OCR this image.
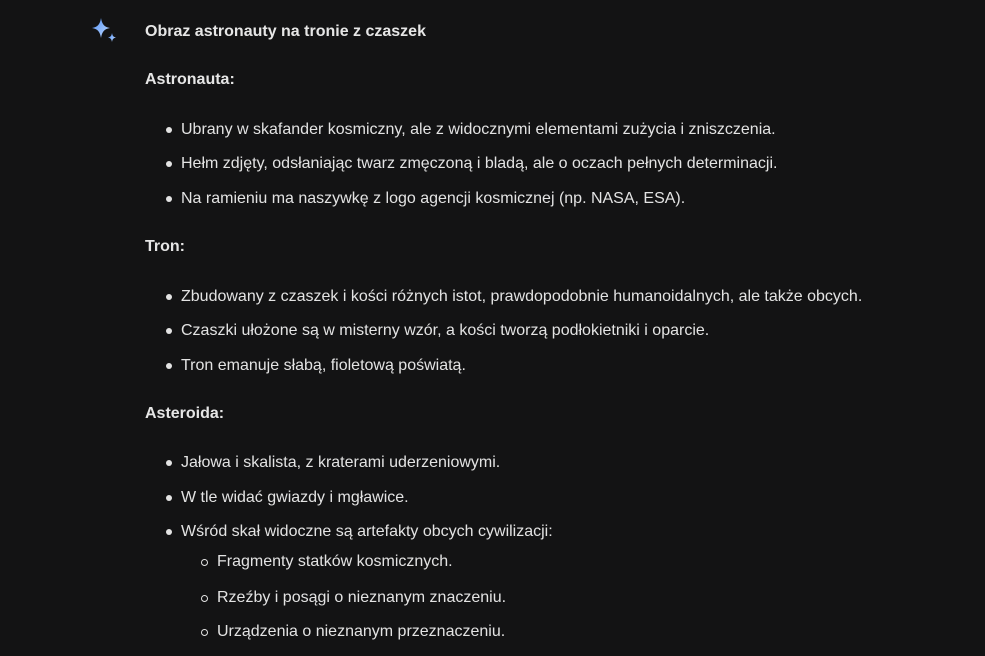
Obraz astronauty na tronie z czaszek
Astronauta:
Ubrany w skafander kosmiczny, ale z widocznymi elementami zużycia i zniszczenia.
Hełm zdjęty, odsłaniając twarz zmęczoną i bladą, ale o oczach pełnych determinacji.
Na ramieniu ma naszywkę z logo agencji kosmicznej (np. NASA, ESA).
Tron:
Zbudowany z czaszek i kości różnych istot, prawdopodobnie humanoidalnych, ale także obcych.
Czaszki ułożone są w misterny wzór, a kości tworzą podłokietniki i oparcie.
Tron emanuje słabą, fioletową poświatą.
Asteroida:
Jałowa i skalista, z kraterami uderzeniowymi.
W tle widać gwiazdy i mgławice.
Wśród skał widoczne są artefakty obcych cywilizacji:
Fragmenty statków kosmicznych.
Rzeźby i posągi o nieznanym znaczeniu.
Urządzenia o nieznanym przeznaczeniu.
